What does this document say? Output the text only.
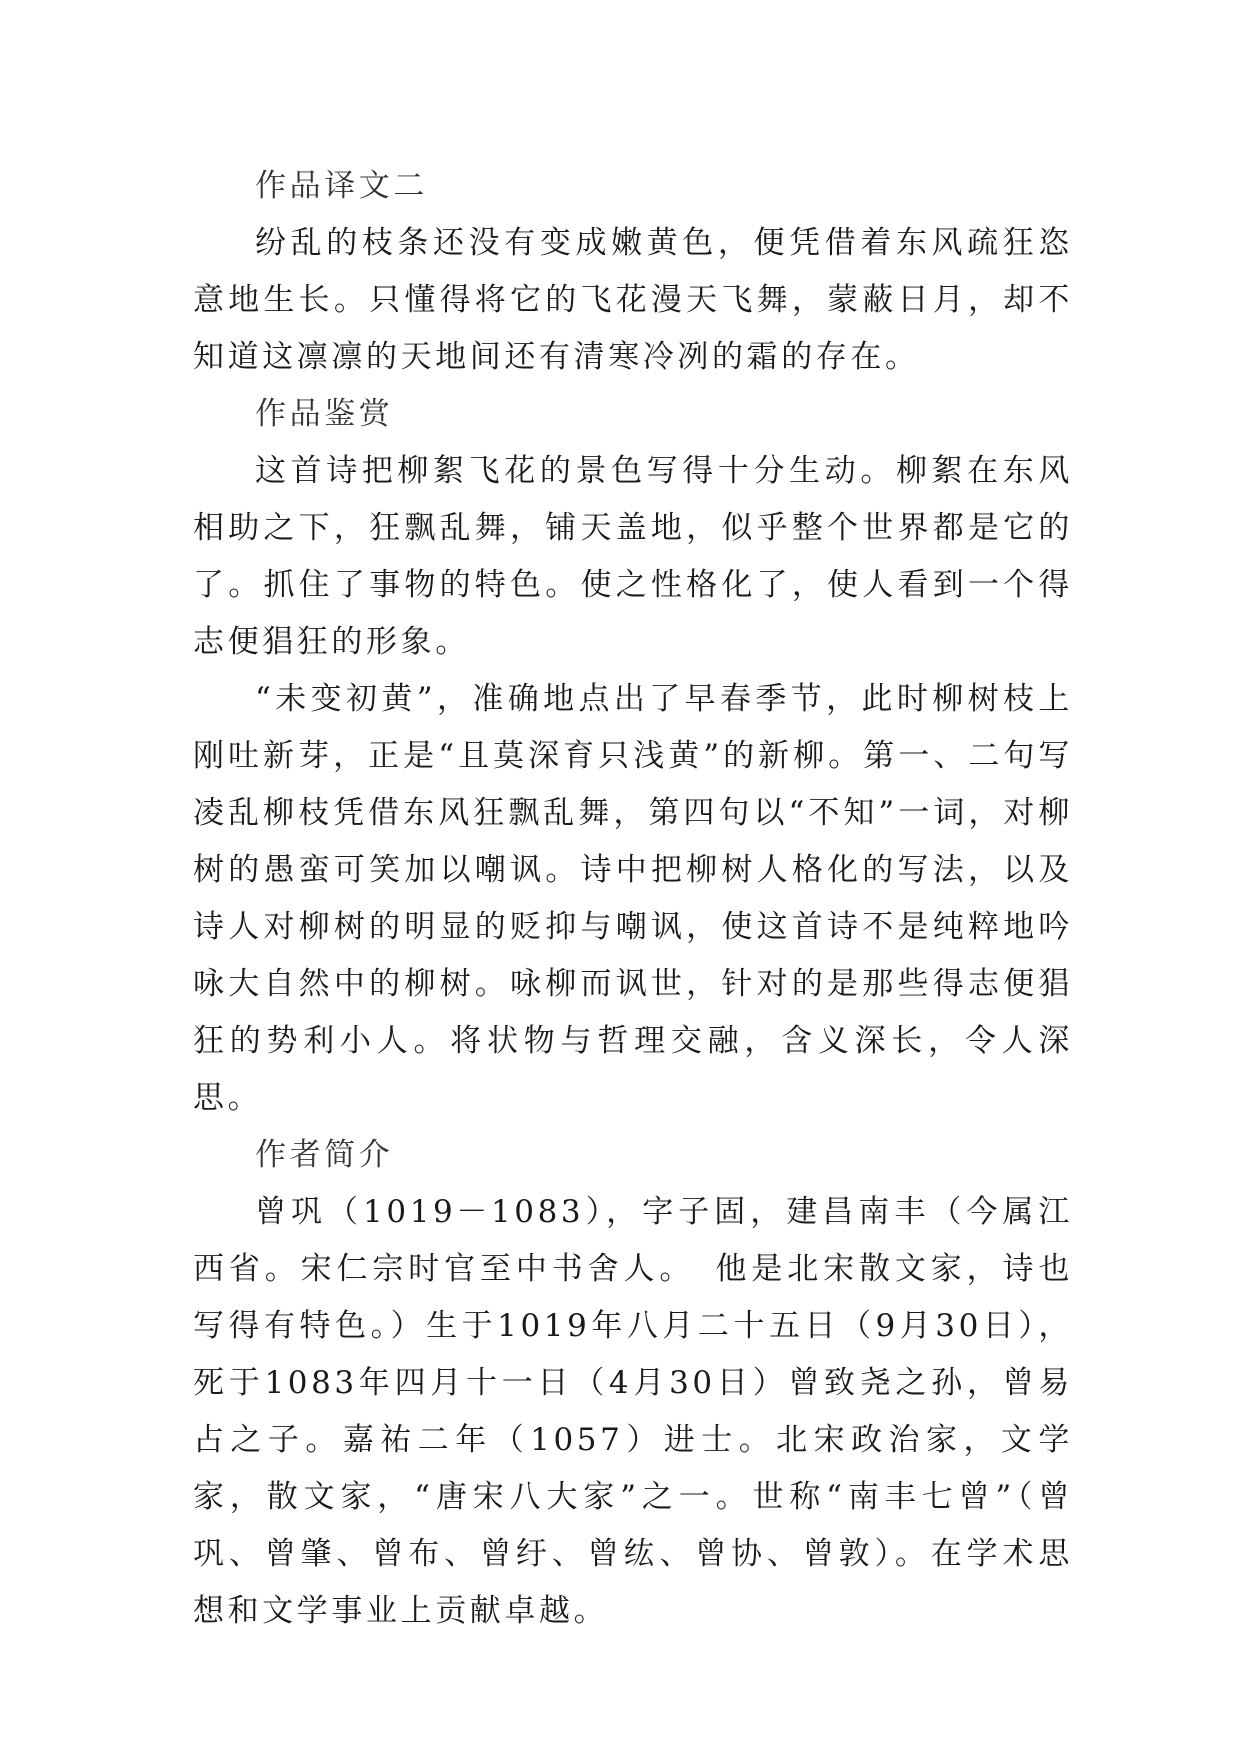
作品译文二

纷乱的枝条还没有变成嫩黄色，便凭借着东风疏狂恣意地生长。只懂得将它的飞花漫天飞舞，蒙蔽日月，却不知道这凛凛的天地间还有清寒冷冽的霜的存在。

作品鉴赏

这首诗把柳絮飞花的景色写得十分生动。柳絮在东风相助之下，狂飘乱舞，铺天盖地，似乎整个世界都是它的了。抓住了事物的特色。使之性格化了，使人看到一个得志便猖狂的形象。

“未变初黄”，准确地点出了早春季节，此时柳树枝上刚吐新芽，正是“且莫深育只浅黄”的新柳。第一、二句写凌乱柳枝凭借东风狂飘乱舞，第四句以“不知”一词，对柳树的愚蛮可笑加以嘲讽。诗中把柳树人格化的写法，以及诗人对柳树的明显的贬抑与嘲讽，使这首诗不是纯粹地吟咏大自然中的柳树。咏柳而讽世，针对的是那些得志便猖狂的势利小人。将状物与哲理交融，含义深长，令人深思。

作者简介

曾巩（1019－1083），字子固，建昌南丰（今属江西省。宋仁宗时官至中书舍人。　他是北宋散文家，诗也写得有特色。）生于1019年八月二十五日（9月30日），死于1083年四月十一日（4月30日）曾致尧之孙，曾易占之子。嘉祐二年（1057）进士。北宋政治家，文学家，散文家，“唐宋八大家”之一。世称“南丰七曾”（曾巩、曾肇、曾布、曾纡、曾纮、曾协、曾敦）。在学术思想和文学事业上贡献卓越。
